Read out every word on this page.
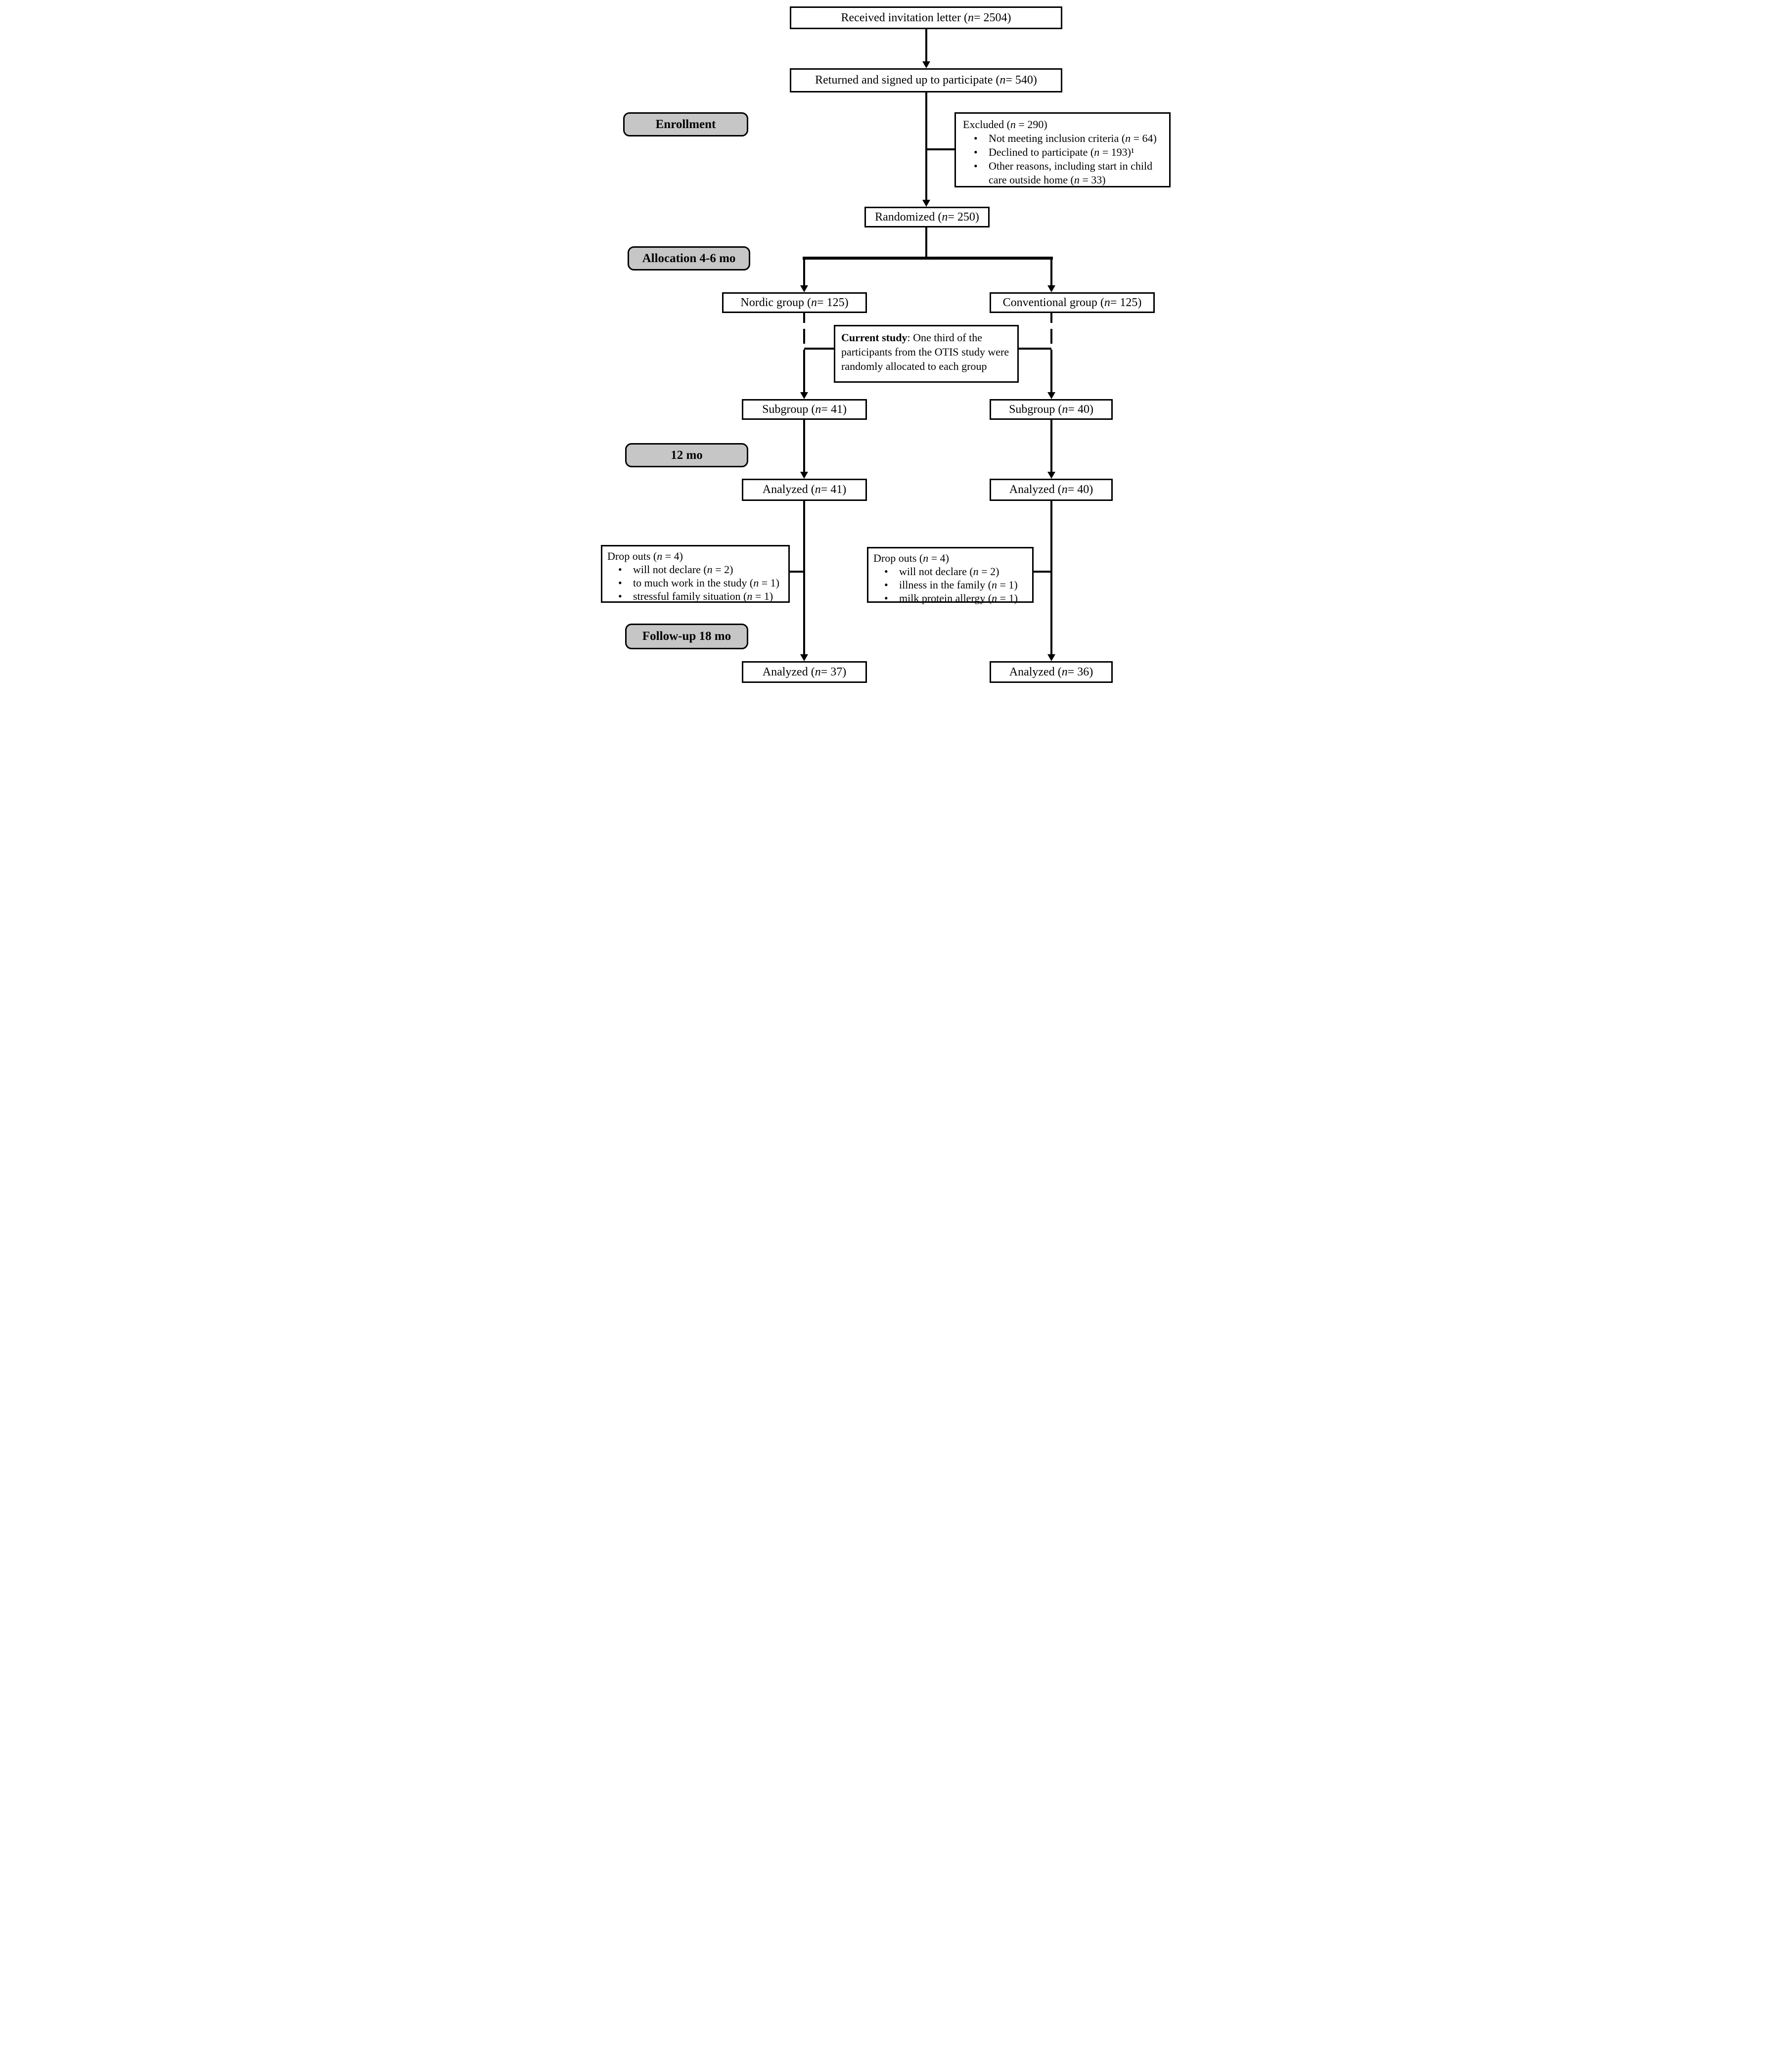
Enrollment
Allocation 4-6 mo
12 mo
Follow-up 18 mo
Received invitation letter ( n = 2504)
Returned and signed up to participate ( n = 540)
Excluded (n = 290)
• Not meeting inclusion criteria (n = 64)
• Declined to participate (n = 193)¹
• Other reasons, including start in child care outside home (n = 33)
Randomized ( n = 250)
Nordic group ( n = 125)	Conventional group ( n = 125)
Current study: One third of the participants from the OTIS study were randomly allocated to each group
Subgroup ( n = 41)	Subgroup ( n = 40)
Analyzed ( n = 41)	Analyzed ( n = 40)
Drop outs (n = 4)
• will not declare (n = 2)
• to much work in the study (n = 1)
• stressful family situation (n = 1)
Drop outs (n = 4)
• will not declare (n = 2)
• illness in the family (n = 1)
• milk protein allergy (n = 1)
Analyzed ( n = 37)	Analyzed ( n = 36)
